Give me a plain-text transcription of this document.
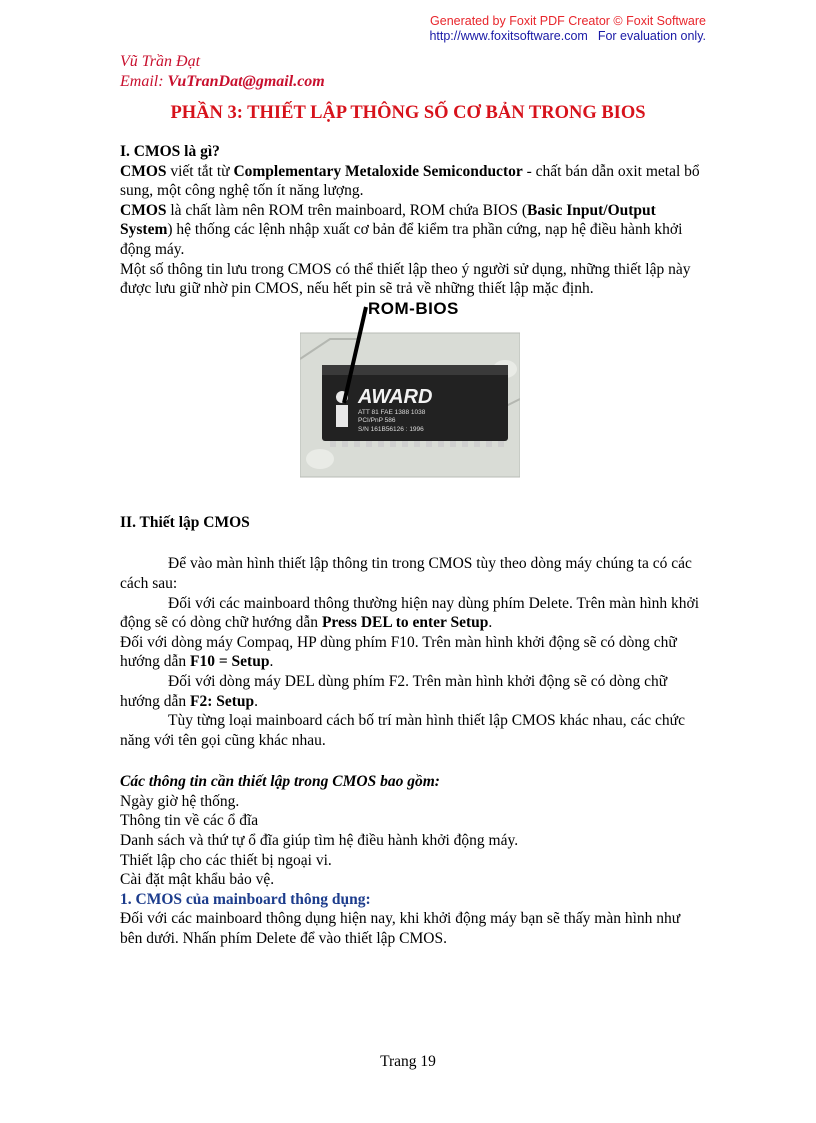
Generated by Foxit PDF Creator © Foxit Software
http://www.foxitsoftware.com For evaluation only.
Vũ Trần Đạt
Email: VuTranDat@gmail.com
PHẦN 3: THIẾT LẬP THÔNG SỐ CƠ BẢN TRONG BIOS

I. CMOS là gì?

CMOS viết tắt từ Complementary Metaloxide Semiconductor - chất bán dẫn oxit metal bổ sung, một công nghệ tốn ít năng lượng.

CMOS là chất làm nên ROM trên mainboard, ROM chứa BIOS (Basic Input/Output System) hệ thống các lệnh nhập xuất cơ bản để kiểm tra phần cứng, nạp hệ điều hành khởi động máy.

Một số thông tin lưu trong CMOS có thể thiết lập theo ý người sử dụng, những thiết lập này được lưu giữ nhờ pin CMOS, nếu hết pin sẽ trả về những thiết lập mặc định.

ROM-BIOS
AWARD
ATT 81 FAE 1388 1038
PCI/PnP 586
S/N 161B56126 : 1996

II. Thiết lập CMOS

Để vào màn hình thiết lập thông tin trong CMOS tùy theo dòng máy chúng ta có các cách sau:

Đối với các mainboard thông thường hiện nay dùng phím Delete. Trên màn hình khởi động sẽ có dòng chữ hướng dẫn Press DEL to enter Setup.

Đối với dòng máy Compaq, HP dùng phím F10. Trên màn hình khởi động sẽ có dòng chữ hướng dẫn F10 = Setup.

Đối với dòng máy DEL dùng phím F2. Trên màn hình khởi động sẽ có dòng chữ hướng dẫn F2: Setup.

Tùy từng loại mainboard cách bố trí màn hình thiết lập CMOS khác nhau, các chức năng với tên gọi cũng khác nhau.

Các thông tin cần thiết lập trong CMOS bao gồm:

Ngày giờ hệ thống.

Thông tin về các ổ đĩa

Danh sách và thứ tự ổ đĩa giúp tìm hệ điều hành khởi động máy.

Thiết lập cho các thiết bị ngoại vi.

Cài đặt mật khẩu bảo vệ.

1. CMOS của mainboard thông dụng:

Đối với các mainboard thông dụng hiện nay, khi khởi động máy bạn sẽ thấy màn hình như bên dưới. Nhấn phím Delete để vào thiết lập CMOS.

Trang 19
